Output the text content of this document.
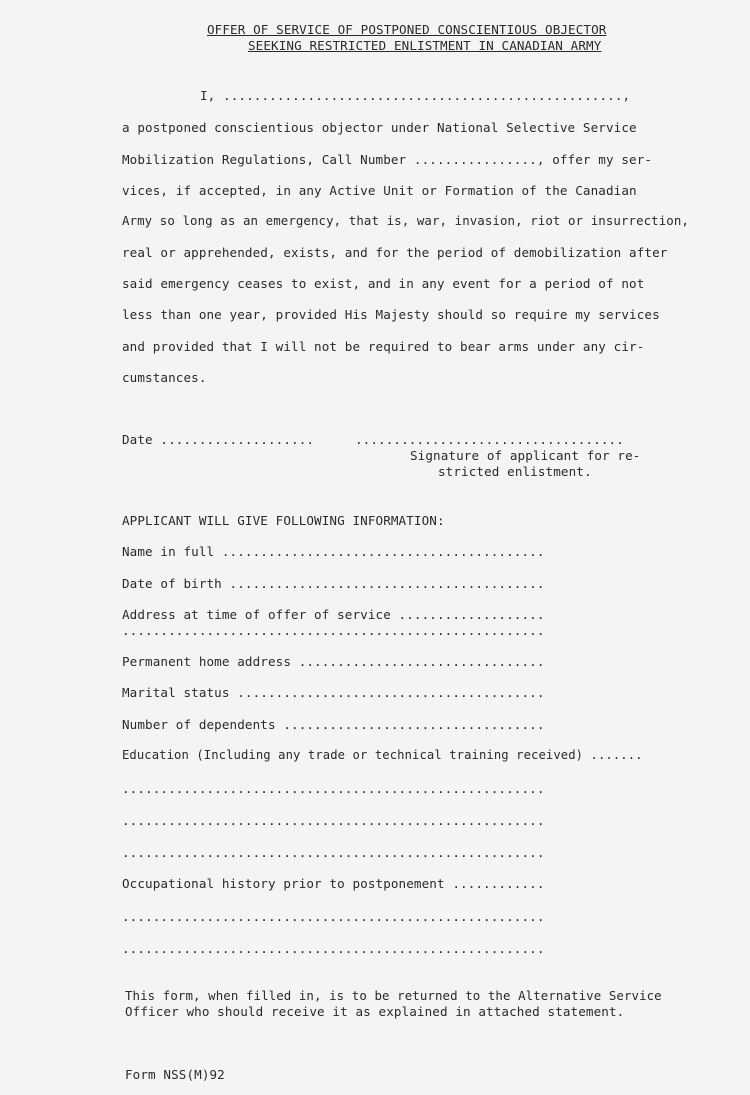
OFFER OF SERVICE OF POSTPONED CONSCIENTIOUS OBJECTOR
SEEKING RESTRICTED ENLISTMENT IN CANADIAN ARMY
I, ....................................................,
a postponed conscientious objector under National Selective Service
Mobilization Regulations, Call Number ................, offer my ser-
vices, if accepted, in any Active Unit or Formation of the Canadian
Army so long as an emergency, that is, war, invasion, riot or insurrection,
real or apprehended, exists, and for the period of demobilization after
said emergency ceases to exist, and in any event for a period of not
less than one year, provided His Majesty should so require my services
and provided that I will not be required to bear arms under any cir-
cumstances.
Date ....................	...................................
Signature of applicant for re-
stricted enlistment.
APPLICANT WILL GIVE FOLLOWING INFORMATION:
Name in full ..........................................
Date of birth .........................................
Address at time of offer of service ...................
.......................................................
Permanent home address ................................
Marital status ........................................
Number of dependents ..................................
Education (Including any trade or technical training received) .......
.......................................................
.......................................................
.......................................................
Occupational history prior to postponement ............
.......................................................
.......................................................
This form, when filled in, is to be returned to the Alternative Service
Officer who should receive it as explained in attached statement.
Form NSS(M)92
